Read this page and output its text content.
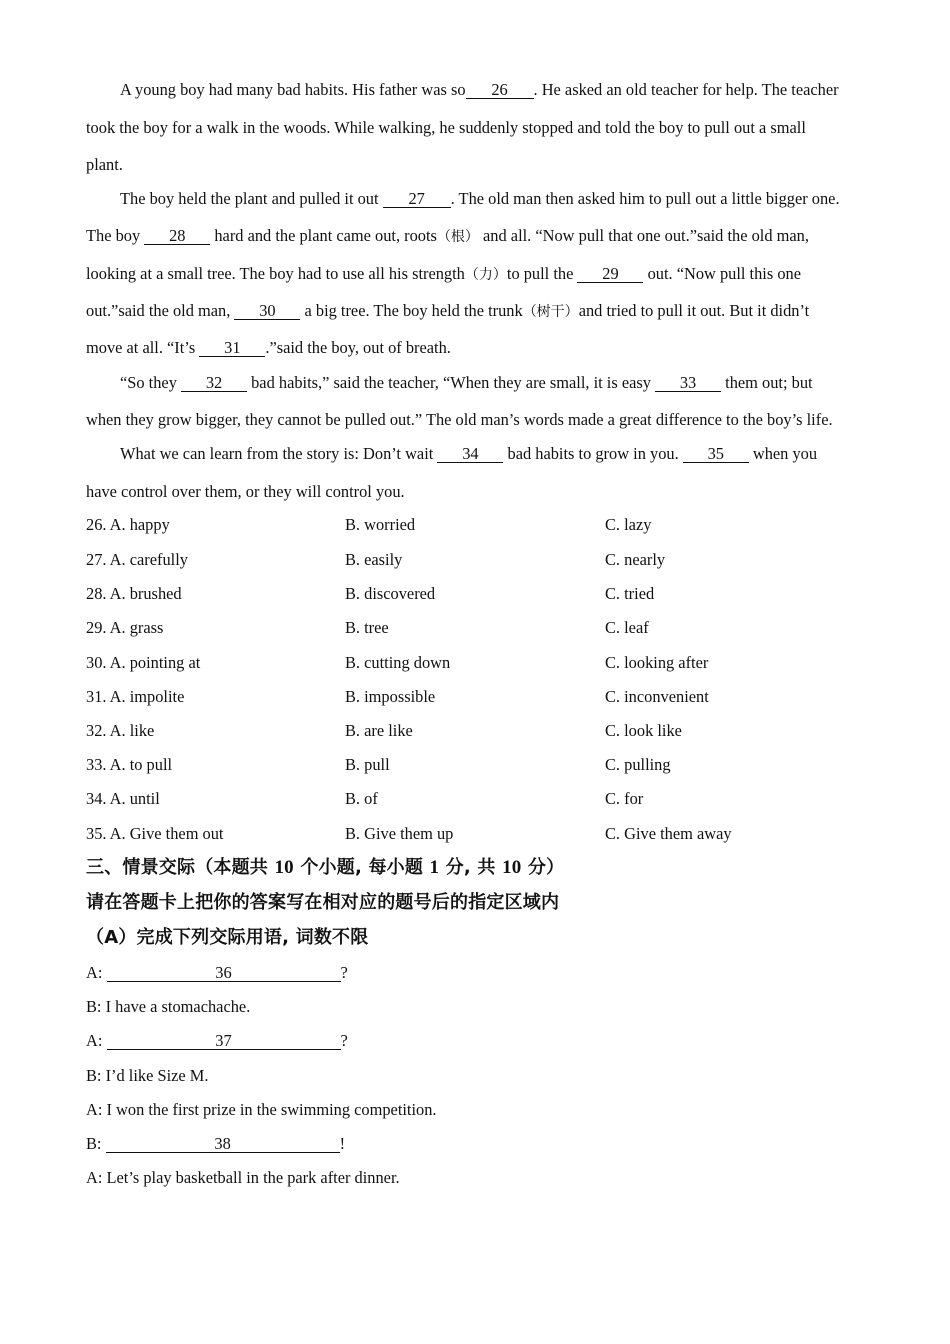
A young boy had many bad habits. His father was so 26 . He asked an old teacher for help. The teacher
took the boy for a walk in the woods. While walking, he suddenly stopped and told the boy to pull out a small
plant.
The boy held the plant and pulled it out 27 . The old man then asked him to pull out a little bigger one.
The boy 28 hard and the plant came out, roots（根） and all. “Now pull that one out.”said the old man,
looking at a small tree. The boy had to use all his strength（力）to pull the 29 out. “Now pull this one
out.”said the old man, 30 a big tree. The boy held the trunk（树干）and tried to pull it out. But it didn’t
move at all. “It’s 31 .”said the boy, out of breath.
“So they 32 bad habits,” said the teacher, “When they are small, it is easy 33 them out; but
when they grow bigger, they cannot be pulled out.” The old man’s words made a great difference to the boy’s life.
What we can learn from the story is: Don’t wait 34 bad habits to grow in you. 35 when you
have control over them, or they will control you.
26. A. happy	B. worried	C. lazy
27. A. carefully	B. easily	C. nearly
28. A. brushed	B. discovered	C. tried
29. A. grass	B. tree	C. leaf
30. A. pointing at	B. cutting down	C. looking after
31. A. impolite	B. impossible	C. inconvenient
32. A. like	B. are like	C. look like
33. A. to pull	B. pull	C. pulling
34. A. until	B. of	C. for
35. A. Give them out	B. Give them up	C. Give them away
三、情景交际（本题共 10 个小题, 每小题 1 分, 共 10 分）
请在答题卡上把你的答案写在相对应的题号后的指定区域内
（A）完成下列交际用语, 词数不限
A:	36	?
B: I have a stomachache.
A:	37	?
B: I’d like Size M.
A: I won the first prize in the swimming competition.
B:	38	!
A: Let’s play basketball in the park after dinner.
